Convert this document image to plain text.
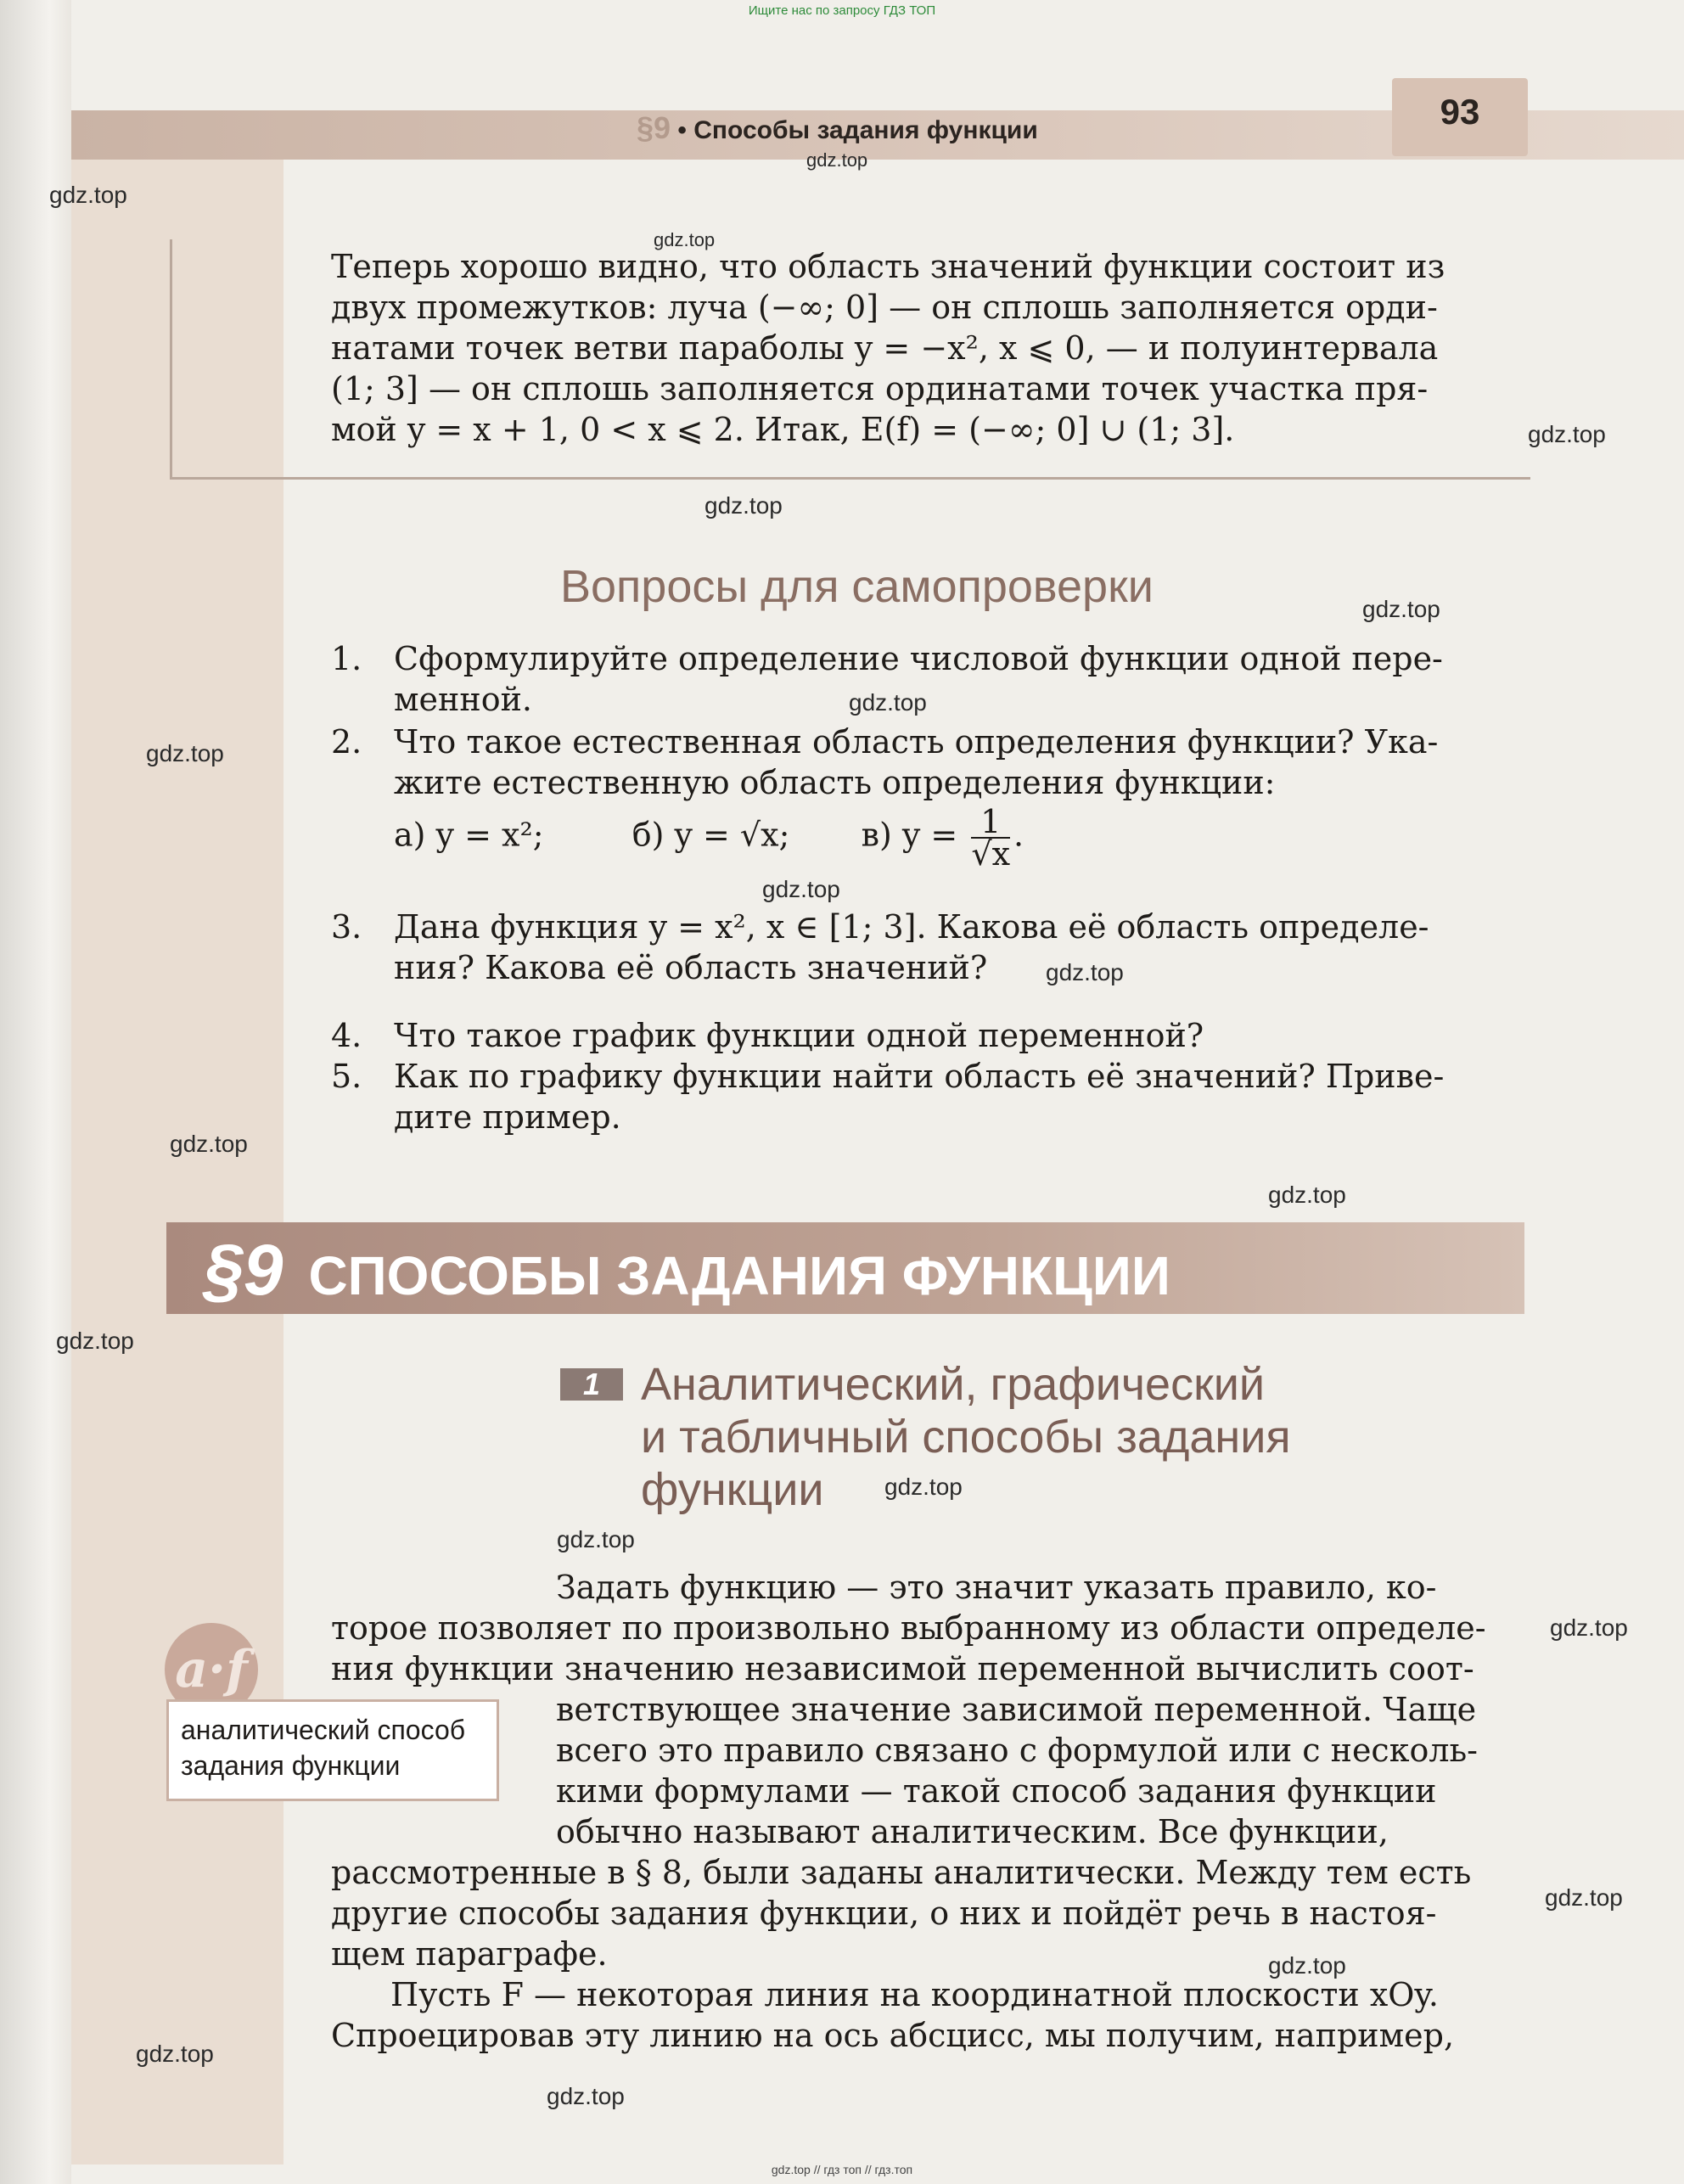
Ищите нас по запросу ГДЗ ТОП
§9 • Способы задания функции	93
Теперь хорошо видно, что область значений функции состоит из
двух промежутков: луча (−∞; 0] — он сплошь заполняется орди-
натами точек ветви параболы y = −x², x ⩽ 0, — и полуинтервала
(1; 3] — он сплошь заполняется ординатами точек участка пря-
мой y = x + 1, 0 < x ⩽ 2. Итак, E(f) = (−∞; 0] ∪ (1; 3].
Вопросы для самопроверки
1. Сформулируйте определение числовой функции одной пере-
менной.
2. Что такое естественная область определения функции? Ука-
жите естественную область определения функции:
а) y = x²;	б) y = √x; в) $y = \frac{1}{√x}$ .
3. Дана функция y = x², x ∈ [1; 3]. Какова её область определе-
ния? Какова её область значений?
4. Что такое график функции одной переменной?
5. Как по графику функции найти область её значений? Приве-
дите пример.
§9 СПОСОБЫ ЗАДАНИЯ ФУНКЦИИ
1 Аналитический, графический
и табличный способы задания
функции
a·f
аналитический способ
задания функции
Задать функцию — это значит указать правило, ко-
торое позволяет по произвольно выбранному из области определе-
ния функции значению независимой переменной вычислить соот-
ветствующее значение зависимой переменной. Чаще
всего это правило связано с формулой или с несколь-
кими формулами — такой способ задания функции
обычно называют аналитическим. Все функции,
рассмотренные в § 8, были заданы аналитически. Между тем есть
другие способы задания функции, о них и пойдёт речь в настоя-
щем параграфе.
Пусть F — некоторая линия на координатной плоскости xOy.
Спроецировав эту линию на ось абсцисс, мы получим, например,
gdz.top
gdz.top
gdz.top
gdz.top
gdz.top
gdz.top
gdz.top
gdz.top
gdz.top
gdz.top
gdz.top
gdz.top
gdz.top
gdz.top
gdz.top
gdz.top
gdz.top
gdz.top
gdz.top
gdz.top
gdz.top // гдз топ // гдз.топ
